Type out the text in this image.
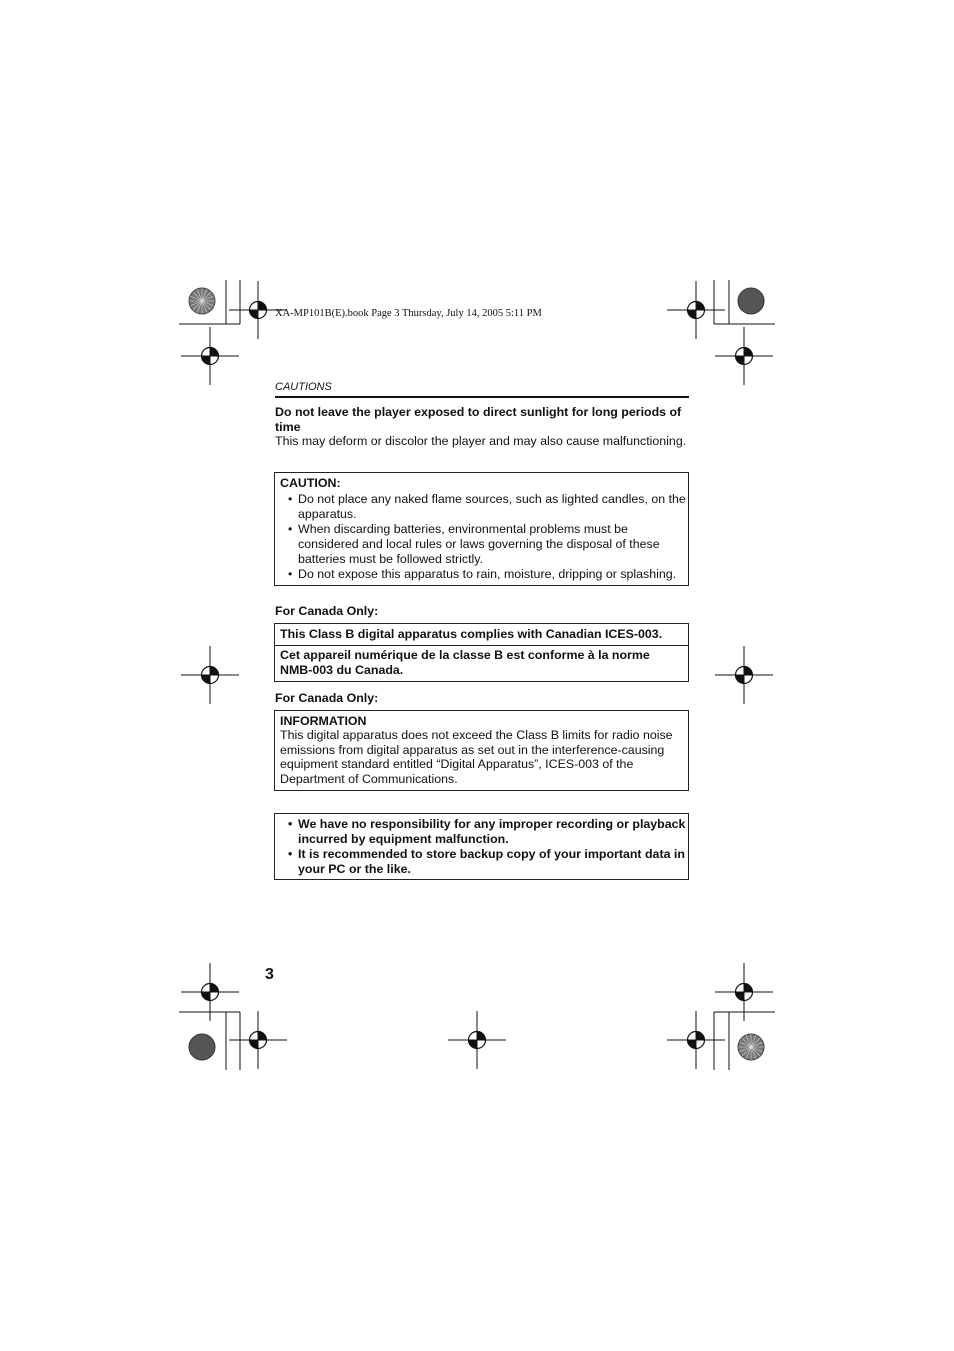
XA-MP101B(E).book Page 3 Thursday, July 14, 2005 5:11 PM
CAUTIONS
Do not leave the player exposed to direct sunlight for long periods of time
This may deform or discolor the player and may also cause malfunctioning.
CAUTION:
• Do not place any naked flame sources, such as lighted candles, on the apparatus.
• When discarding batteries, environmental problems must be considered and local rules or laws governing the disposal of these batteries must be followed strictly.
• Do not expose this apparatus to rain, moisture, dripping or splashing.
For Canada Only:
This Class B digital apparatus complies with Canadian ICES-003.
Cet appareil numérique de la classe B est conforme à la norme NMB-003 du Canada.
For Canada Only:
INFORMATION
This digital apparatus does not exceed the Class B limits for radio noise emissions from digital apparatus as set out in the interference-causing equipment standard entitled “Digital Apparatus”, ICES-003 of the Department of Communications.
• We have no responsibility for any improper recording or playback incurred by equipment malfunction.
• It is recommended to store backup copy of your important data in your PC or the like.
3
